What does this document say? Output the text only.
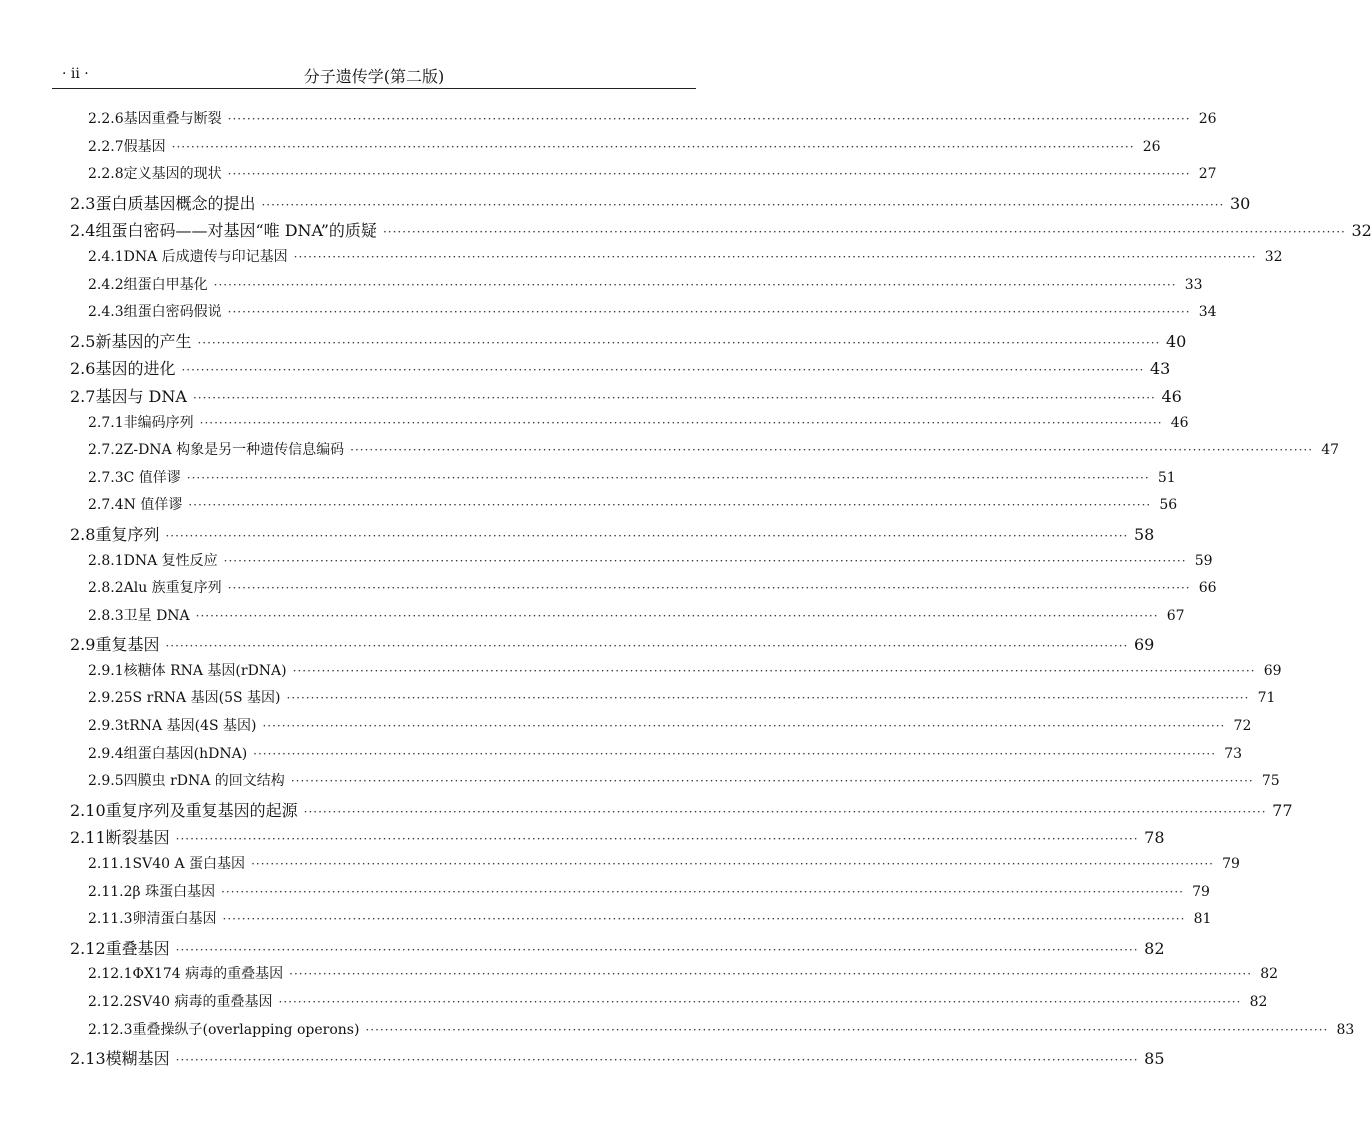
· ii ·	分子遗传学(第二版)
2.2.6 基因重叠与断裂 ········································································································································································································ 26
2.2.7 假基因 ········································································································································································································ 26
2.2.8 定义基因的现状 ········································································································································································································ 27
2.3 蛋白质基因概念的提出 ········································································································································································································ 30
2.4 组蛋白密码——对基因“唯 DNA”的质疑 ········································································································································································································ 32
2.4.1 DNA 后成遗传与印记基因 ········································································································································································································ 32
2.4.2 组蛋白甲基化 ········································································································································································································ 33
2.4.3 组蛋白密码假说 ········································································································································································································ 34
2.5 新基因的产生 ········································································································································································································ 40
2.6 基因的进化 ········································································································································································································ 43
2.7 基因与 DNA ········································································································································································································ 46
2.7.1 非编码序列 ········································································································································································································ 46
2.7.2 Z-DNA 构象是另一种遗传信息编码 ········································································································································································································ 47
2.7.3 C 值佯谬 ········································································································································································································ 51
2.7.4 N 值佯谬 ········································································································································································································ 56
2.8 重复序列 ········································································································································································································ 58
2.8.1 DNA 复性反应 ········································································································································································································ 59
2.8.2 Alu 族重复序列 ········································································································································································································ 66
2.8.3 卫星 DNA ········································································································································································································ 67
2.9 重复基因 ········································································································································································································ 69
2.9.1 核糖体 RNA 基因(rDNA) ········································································································································································································ 69
2.9.2 5S rRNA 基因(5S 基因) ········································································································································································································ 71
2.9.3 tRNA 基因(4S 基因) ········································································································································································································ 72
2.9.4 组蛋白基因(hDNA) ········································································································································································································ 73
2.9.5 四膜虫 rDNA 的回文结构 ········································································································································································································ 75
2.10 重复序列及重复基因的起源 ········································································································································································································ 77
2.11 断裂基因 ········································································································································································································ 78
2.11.1 SV40 A 蛋白基因 ········································································································································································································ 79
2.11.2 β 珠蛋白基因 ········································································································································································································ 79
2.11.3 卵清蛋白基因 ········································································································································································································ 81
2.12 重叠基因 ········································································································································································································ 82
2.12.1 ΦX174 病毒的重叠基因 ········································································································································································································ 82
2.12.2 SV40 病毒的重叠基因 ········································································································································································································ 82
2.12.3 重叠操纵子(overlapping operons) ········································································································································································································ 83
2.13 模糊基因 ········································································································································································································ 85
